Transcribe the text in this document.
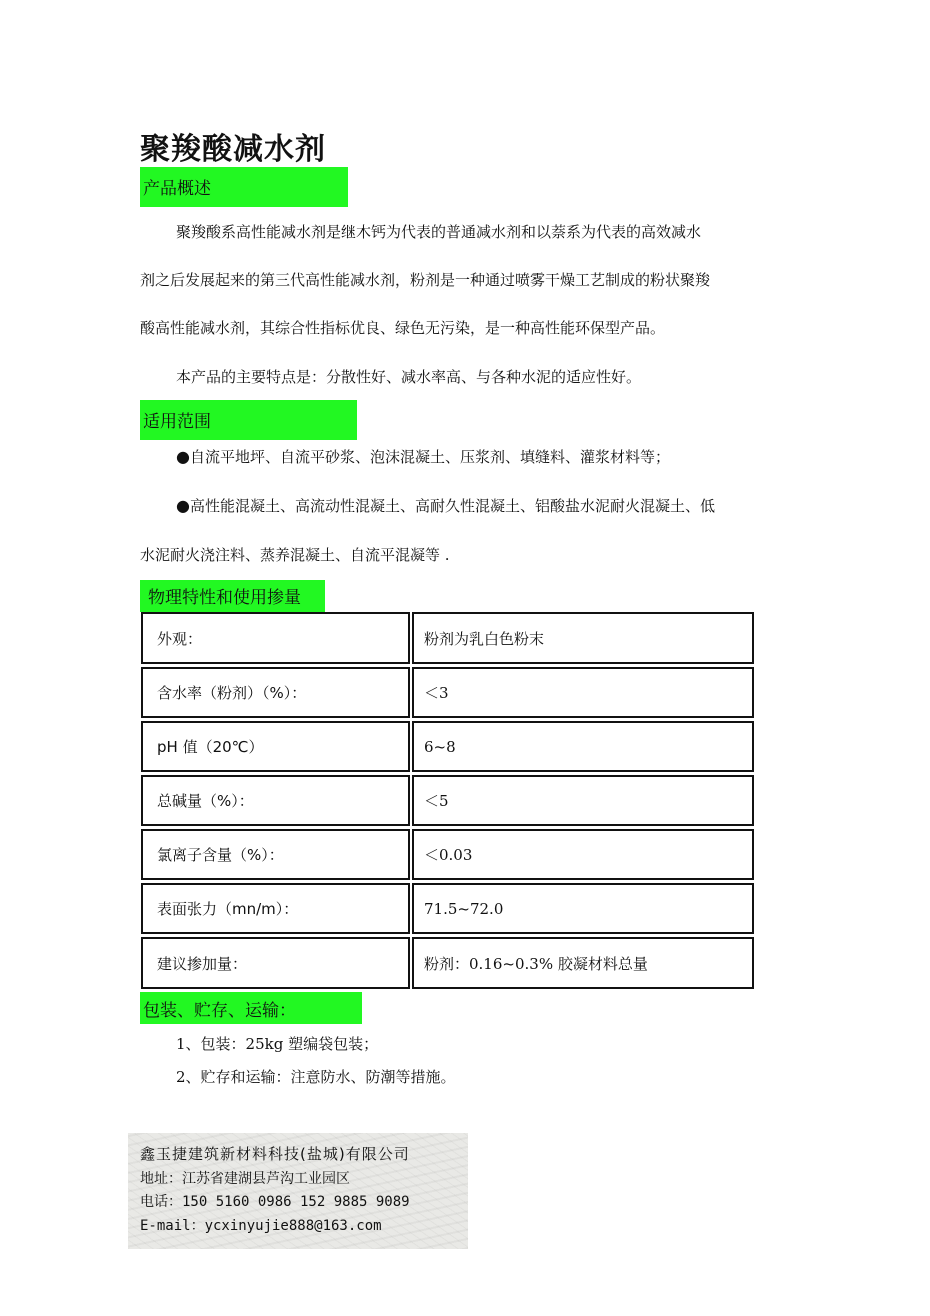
聚羧酸减水剂
产品概述
聚羧酸系高性能减水剂是继木钙为代表的普通减水剂和以萘系为代表的高效减水
剂之后发展起来的第三代高性能减水剂，粉剂是一种通过喷雾干燥工艺制成的粉状聚羧
酸高性能减水剂，其综合性指标优良、绿色无污染，是一种高性能环保型产品。
本产品的主要特点是：分散性好、减水率高、与各种水泥的适应性好。
适用范围
●自流平地坪、自流平砂浆、泡沫混凝土、压浆剂、填缝料、灌浆材料等；
●高性能混凝土、高流动性混凝土、高耐久性混凝土、铝酸盐水泥耐火混凝土、低
水泥耐火浇注料、蒸养混凝土、自流平混凝等 .
物理特性和使用掺量
外观：	粉剂为乳白色粉末
含水率（粉剂）（%）：	＜3
pH 值（20℃）	6~8
总碱量（%）：	＜5
氯离子含量（%）：	＜0.03
表面张力（mn/m）：	71.5~72.0
建议掺加量：	粉剂：0.16~0.3% 胶凝材料总量
包装、贮存、运输：
1、包装：25kg 塑编袋包装；
2、贮存和运输：注意防水、防潮等措施。
鑫玉捷建筑新材料科技(盐城)有限公司
地址：江苏省建湖县芦沟工业园区
电话：150 5160 0986 152 9885 9089
E-mail：ycxinyujie888@163.com
